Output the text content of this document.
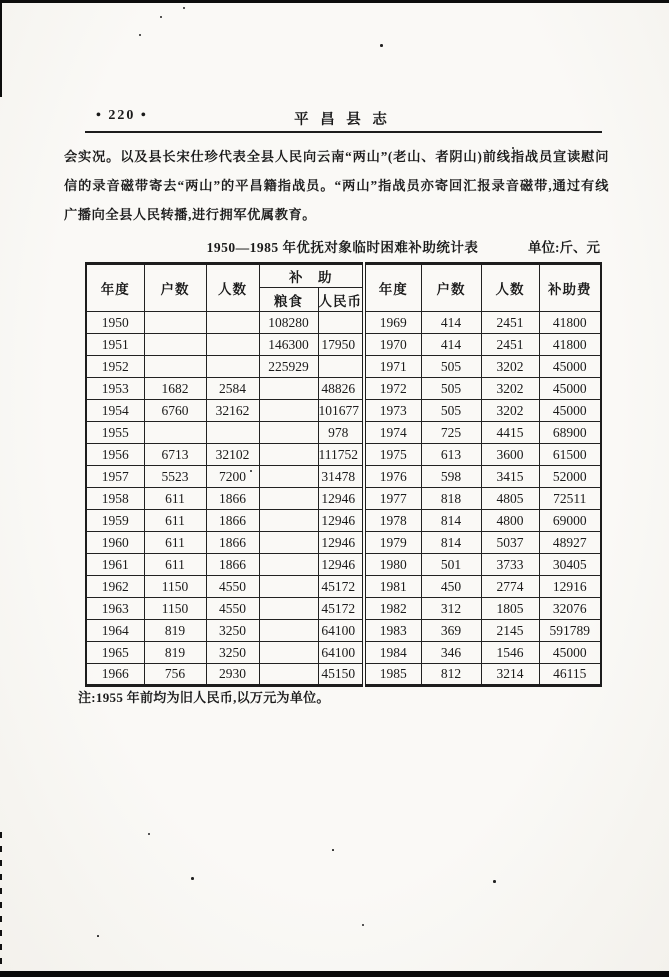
• 220 •	平 昌 县 志
会实况。以及县长宋仕珍代表全县人民向云南“两山”(老山、者阴山)前线指战员宣读慰问
信的录音磁带寄去“两山”的平昌籍指战员。“两山”指战员亦寄回汇报录音磁带,通过有线
广播向全县人民转播,进行拥军优属教育。
1950—1985 年优抚对象临时困难补助统计表	单位:斤、元
年度	户数	人数	补　助		年度	户数	人数	补助费
			粮食	人民币				
1950			108280		1969	414	2451	41800
1951			146300	17950	1970	414	2451	41800
1952			225929		1971	505	3202	45000
1953	1682	2584		48826	1972	505	3202	45000
1954	6760	32162		101677	1973	505	3202	45000
1955				978	1974	725	4415	68900
1956	6713	32102		111752	1975	613	3600	61500
1957	5523	7200		31478	1976	598	3415	52000
1958	611	1866		12946	1977	818	4805	72511
1959	611	1866		12946	1978	814	4800	69000
1960	611	1866		12946	1979	814	5037	48927
1961	611	1866		12946	1980	501	3733	30405
1962	1150	4550		45172	1981	450	2774	12916
1963	1150	4550		45172	1982	312	1805	32076
1964	819	3250		64100	1983	369	2145	591789
1965	819	3250		64100	1984	346	1546	45000
1966	756	2930		45150	1985	812	3214	46115
注:1955 年前均为旧人民币,以万元为单位。
